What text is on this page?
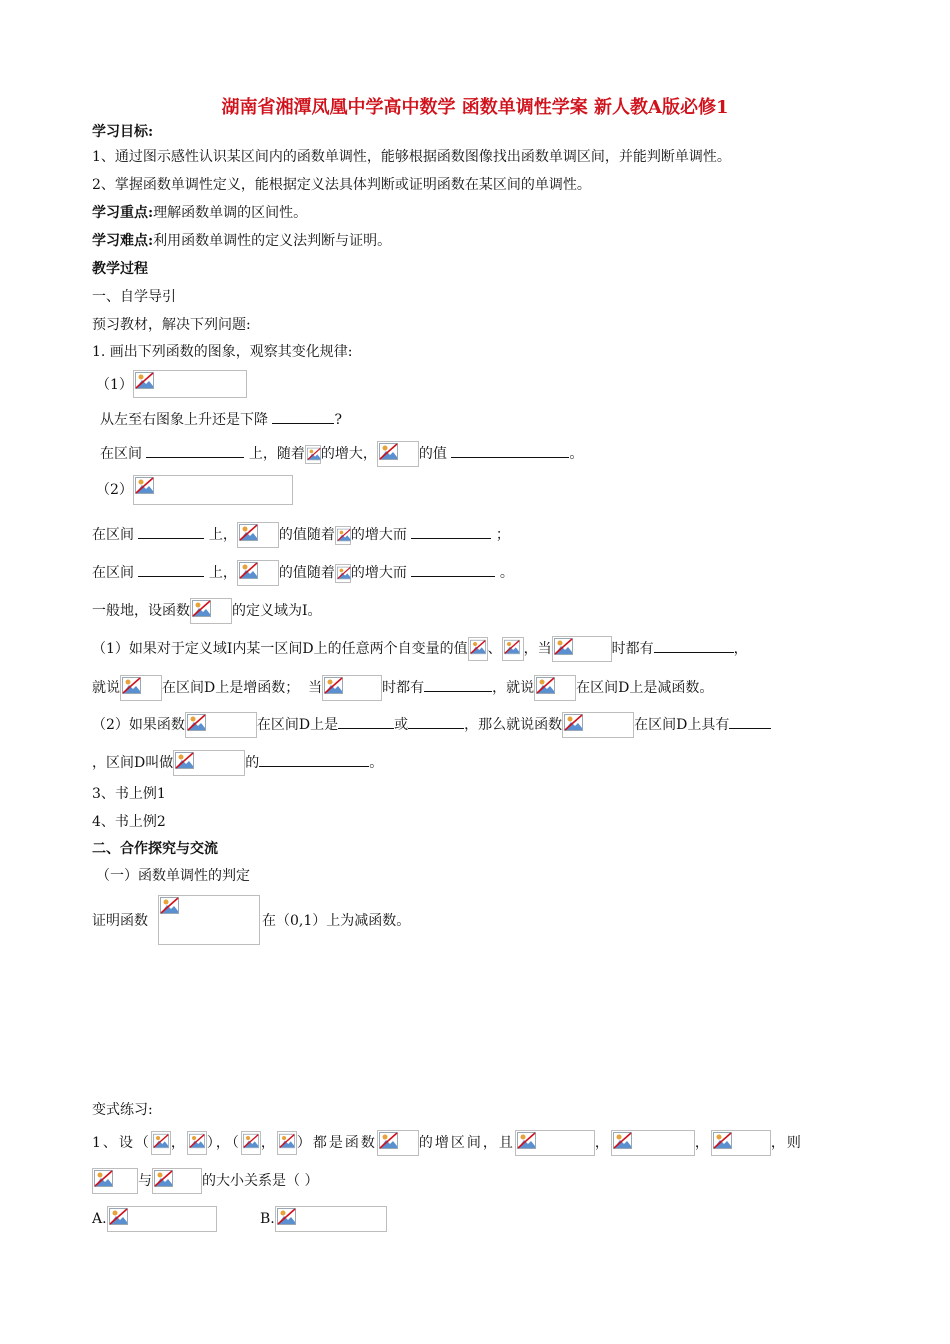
湖南省湘潭凤凰中学高中数学 函数单调性学案 新人教A版必修1
学习目标:
1、通过图示感性认识某区间内的函数单调性，能够根据函数图像找出函数单调区间，并能判断单调性。
2、掌握函数单调性定义，能根据定义法具体判断或证明函数在某区间的单调性。
学习重点:理解函数单调的区间性。
学习难点:利用函数单调性的定义法判断与证明。
教学过程
一、自学导引
预习教材，解决下列问题:
1. 画出下列函数的图象，观察其变化规律:
（1）
从左至右图象上升还是下降	?
在区间	上，随着 的增大，	的值	。
（2）
在区间	上，	的值随着 的增大而	；
在区间	上，	的值随着 的增大而	。
一般地，设函数	的定义域为I。
（1）如果对于定义域I内某一区间D上的任意两个自变量的值 、 ，当	时都有	，
就说	在区间D上是增函数； 当	时都有	，就说	在区间D上是减函数。
（2）如果函数	在区间D上是	或	，那么就说函数	在区间D上具有
，区间D叫做	的	。
3、书上例1
4、书上例2
二、合作探究与交流
（一）函数单调性的判定
证明函数	在（0,1）上为减函数。
变式练习:
1、设（ ， ），（ ， ）都是函数	的增区间，且	，	，	，则
与	的大小关系是（ ）
A.	B.
